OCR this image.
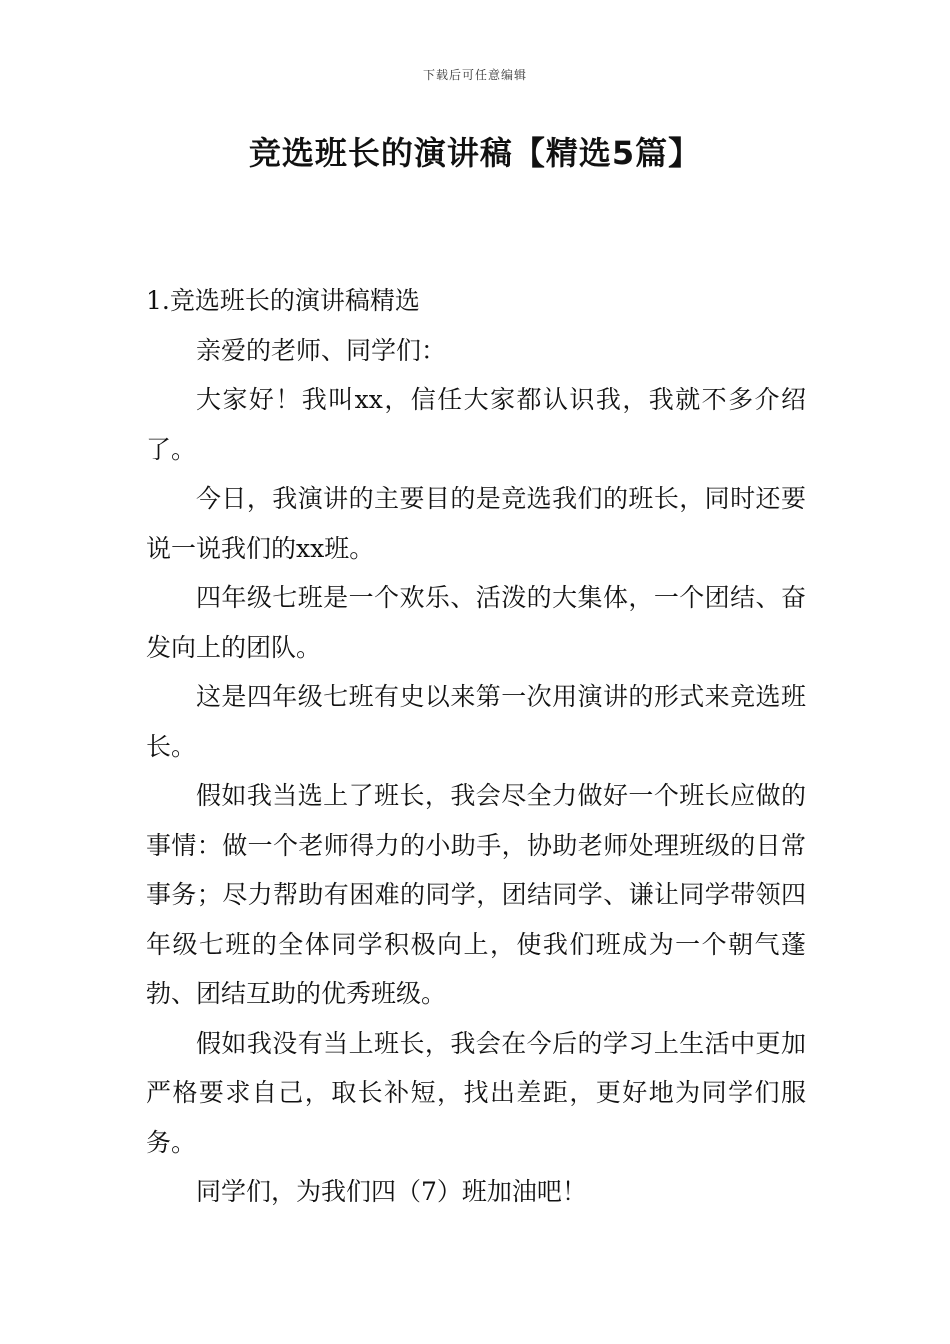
下载后可任意编辑
竞选班长的演讲稿【精选5篇】

1.竞选班长的演讲稿精选

亲爱的老师、同学们：

大家好！我叫xx，信任大家都认识我，我就不多介绍了。

今日，我演讲的主要目的是竞选我们的班长，同时还要说一说我们的xx班。

四年级七班是一个欢乐、活泼的大集体，一个团结、奋发向上的团队。

这是四年级七班有史以来第一次用演讲的形式来竞选班长。

假如我当选上了班长，我会尽全力做好一个班长应做的事情：做一个老师得力的小助手，协助老师处理班级的日常事务；尽力帮助有困难的同学，团结同学、谦让同学带领四年级七班的全体同学积极向上，使我们班成为一个朝气蓬勃、团结互助的优秀班级。

假如我没有当上班长，我会在今后的学习上生活中更加严格要求自己，取长补短，找出差距，更好地为同学们服务。

同学们，为我们四（7）班加油吧！
